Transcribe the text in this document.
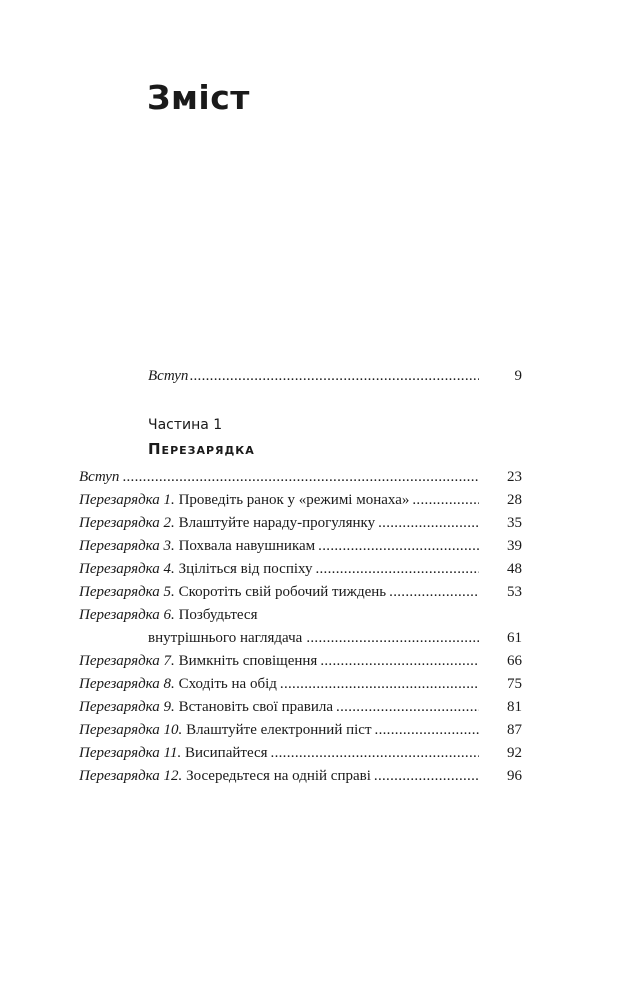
Зміст
Вступ .....	9
Частина 1
Перезарядка
Вступ .....	23
Перезарядка 1. Проведіть ранок у «режимі монаха» .....	28
Перезарядка 2. Влаштуйте нараду-прогулянку .....	35
Перезарядка 3. Похвала навушникам .....	39
Перезарядка 4. Зціліться від поспіху .....	48
Перезарядка 5. Скоротіть свій робочий тиждень .....	53
Перезарядка 6. Позбудьтеся
внутрішнього наглядача .....	61
Перезарядка 7. Вимкніть сповіщення .....	66
Перезарядка 8. Сходіть на обід .....	75
Перезарядка 9. Встановіть свої правила .....	81
Перезарядка 10. Влаштуйте електронний піст .....	87
Перезарядка 11. Висипайтеся .....	92
Перезарядка 12. Зосередьтеся на одній справі .....	96
